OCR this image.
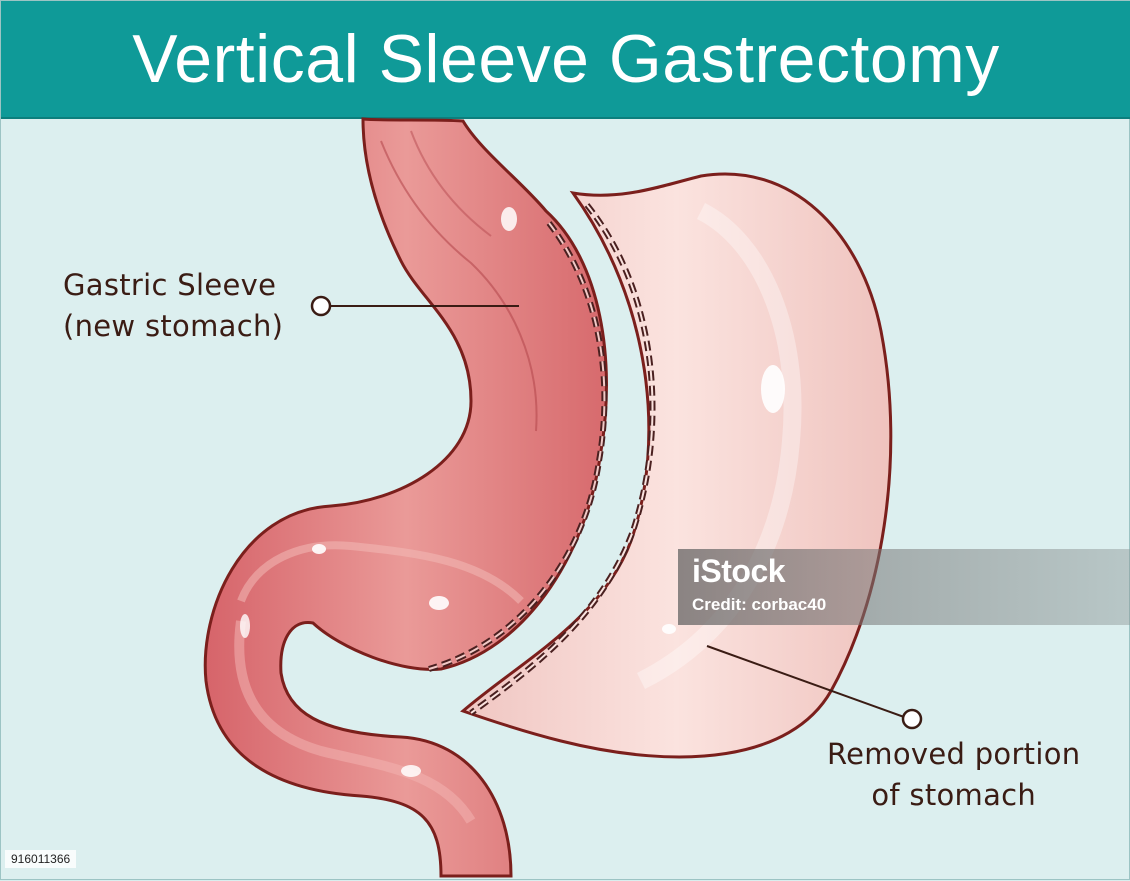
Vertical Sleeve Gastrectomy
Gastric Sleeve
(new stomach)
Removed portion
of stomach
iStock
Credit: corbac40
916011366
